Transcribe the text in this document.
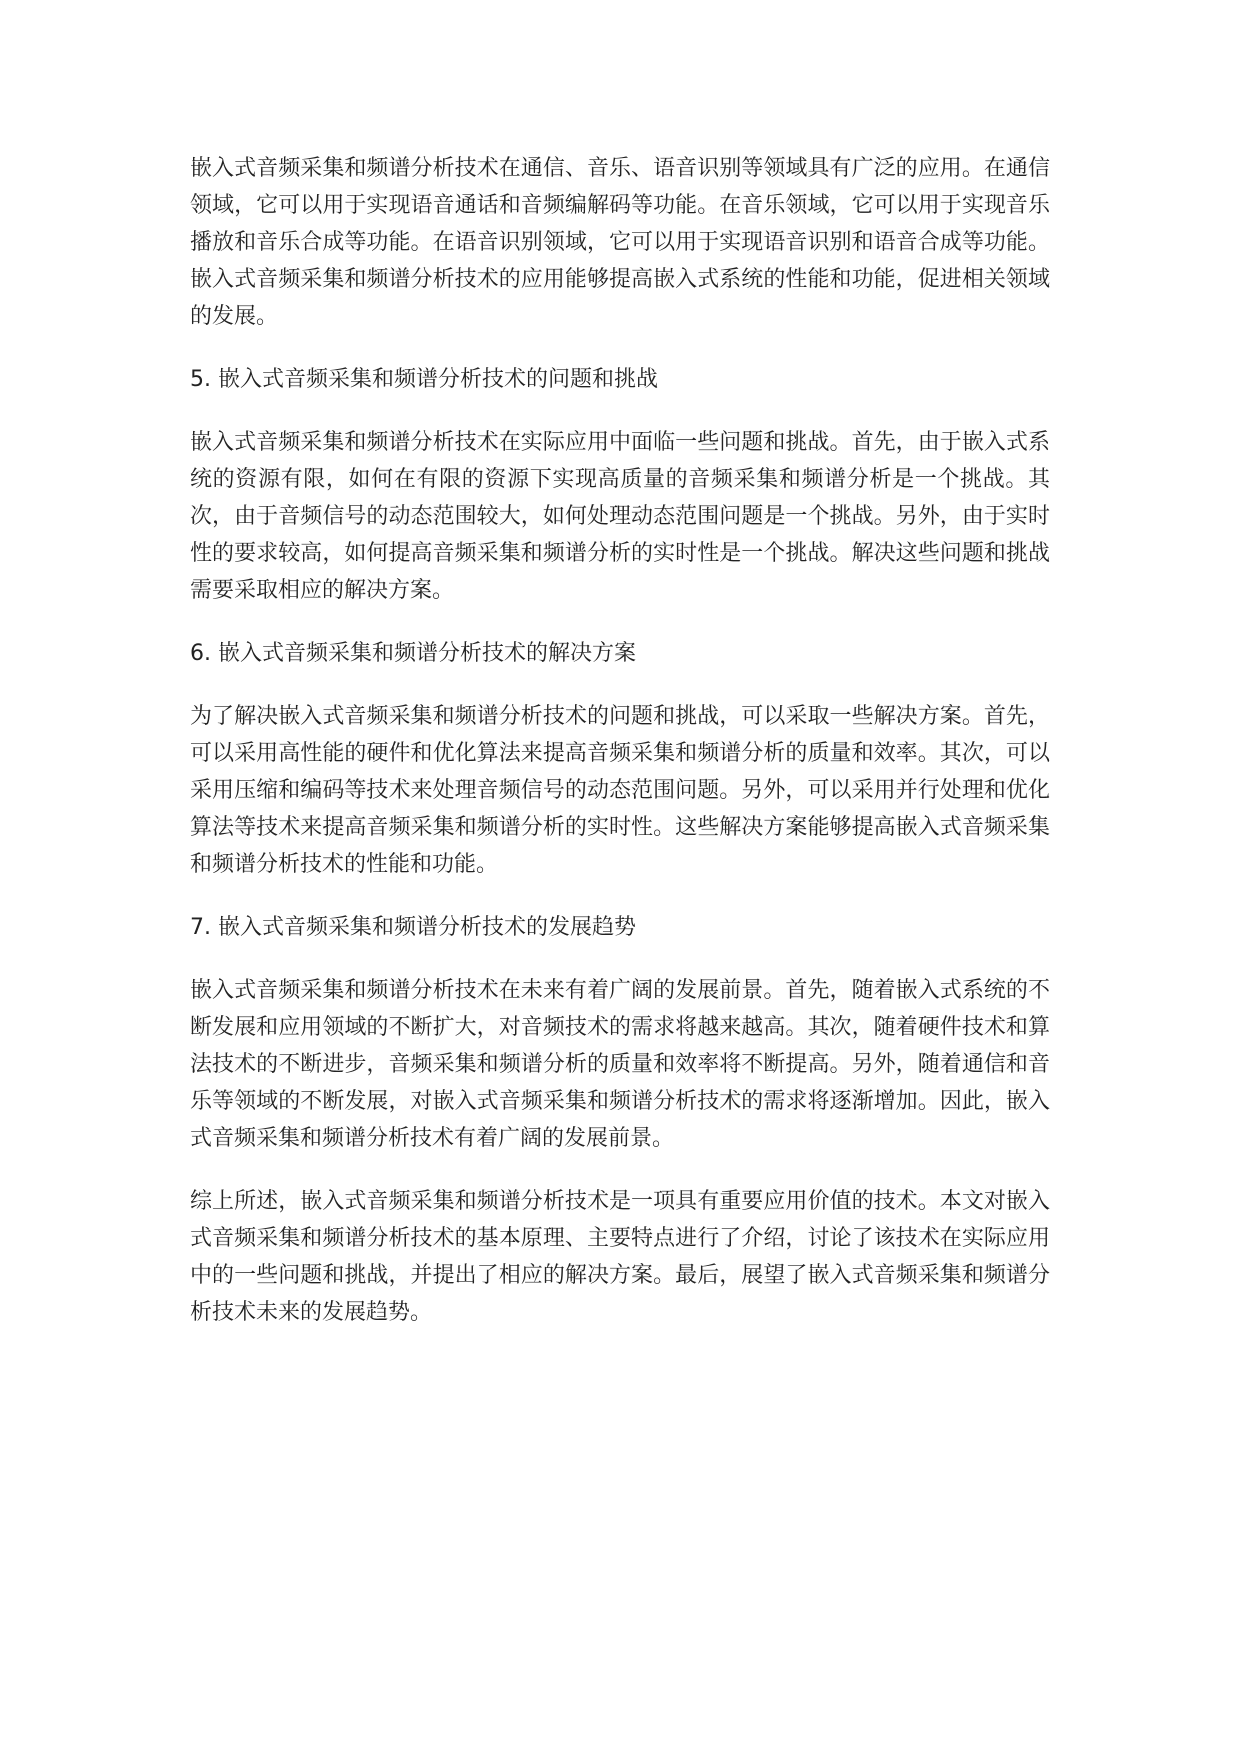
嵌入式音频采集和频谱分析技术在通信、音乐、语音识别等领域具有广泛的应用。在通信领域，它可以用于实现语音通话和音频编解码等功能。在音乐领域，它可以用于实现音乐播放和音乐合成等功能。在语音识别领域，它可以用于实现语音识别和语音合成等功能。嵌入式音频采集和频谱分析技术的应用能够提高嵌入式系统的性能和功能，促进相关领域的发展。

5. 嵌入式音频采集和频谱分析技术的问题和挑战

嵌入式音频采集和频谱分析技术在实际应用中面临一些问题和挑战。首先，由于嵌入式系统的资源有限，如何在有限的资源下实现高质量的音频采集和频谱分析是一个挑战。其次，由于音频信号的动态范围较大，如何处理动态范围问题是一个挑战。另外，由于实时性的要求较高，如何提高音频采集和频谱分析的实时性是一个挑战。解决这些问题和挑战需要采取相应的解决方案。

6. 嵌入式音频采集和频谱分析技术的解决方案

为了解决嵌入式音频采集和频谱分析技术的问题和挑战，可以采取一些解决方案。首先，可以采用高性能的硬件和优化算法来提高音频采集和频谱分析的质量和效率。其次，可以采用压缩和编码等技术来处理音频信号的动态范围问题。另外，可以采用并行处理和优化算法等技术来提高音频采集和频谱分析的实时性。这些解决方案能够提高嵌入式音频采集和频谱分析技术的性能和功能。

7. 嵌入式音频采集和频谱分析技术的发展趋势

嵌入式音频采集和频谱分析技术在未来有着广阔的发展前景。首先，随着嵌入式系统的不断发展和应用领域的不断扩大，对音频技术的需求将越来越高。其次，随着硬件技术和算法技术的不断进步，音频采集和频谱分析的质量和效率将不断提高。另外，随着通信和音乐等领域的不断发展，对嵌入式音频采集和频谱分析技术的需求将逐渐增加。因此，嵌入式音频采集和频谱分析技术有着广阔的发展前景。

综上所述，嵌入式音频采集和频谱分析技术是一项具有重要应用价值的技术。本文对嵌入式音频采集和频谱分析技术的基本原理、主要特点进行了介绍，讨论了该技术在实际应用中的一些问题和挑战，并提出了相应的解决方案。最后，展望了嵌入式音频采集和频谱分析技术未来的发展趋势。
